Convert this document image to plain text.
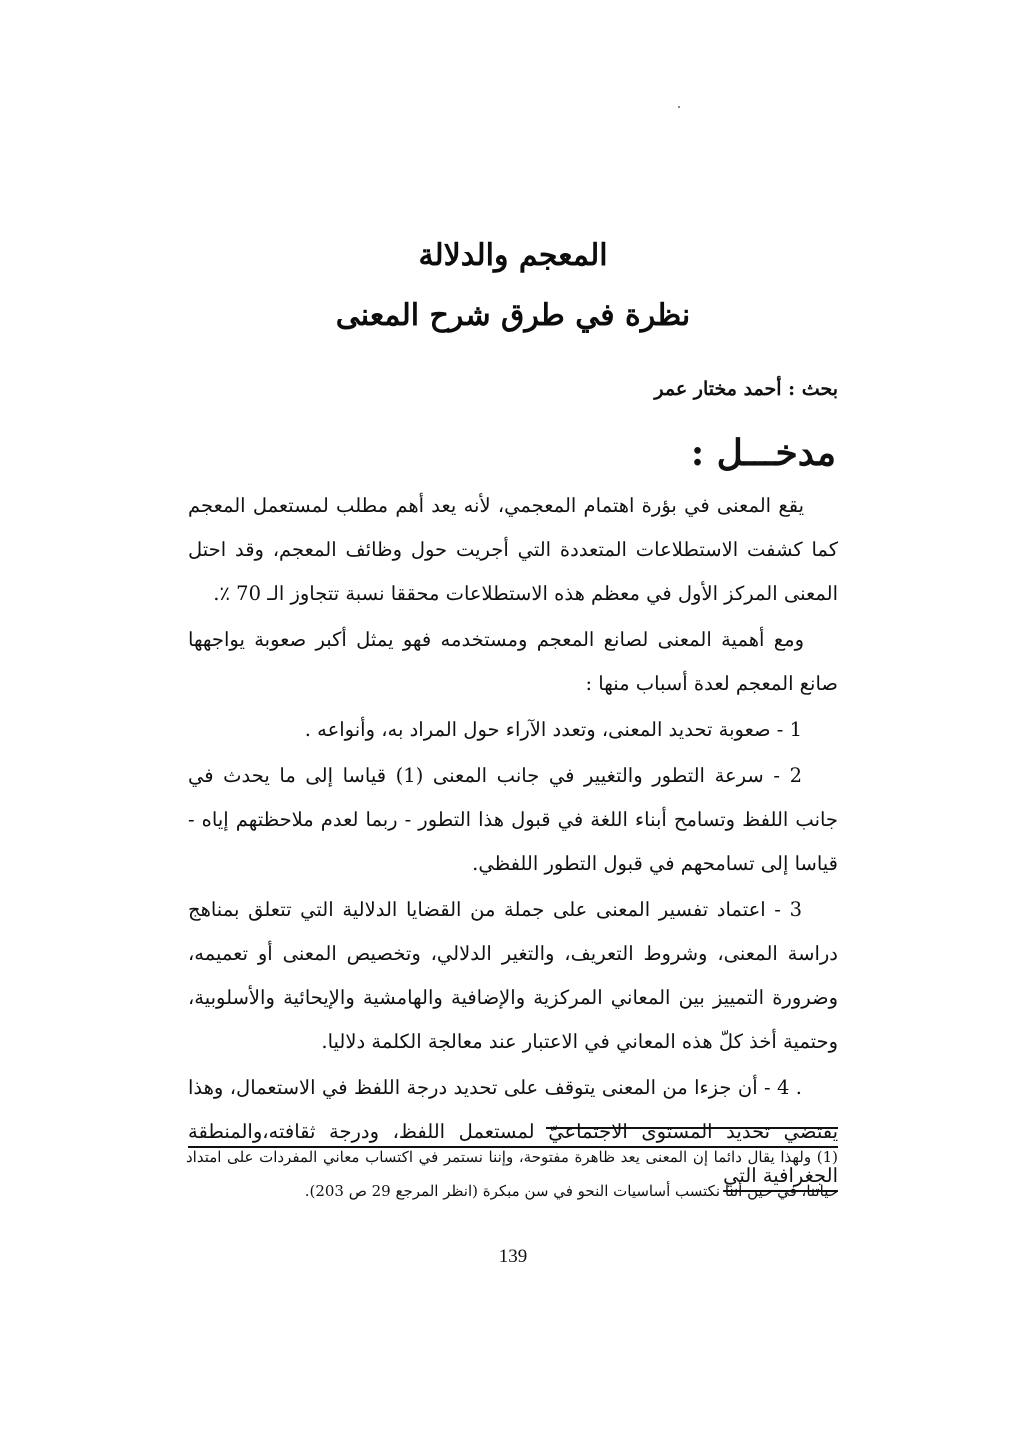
المعجم والدلالة
نظرة في طرق شرح المعنى
بحث : أحمد مختار عمر
مدخـــل :

يقع المعنى في بؤرة اهتمام المعجمي، لأنه يعد أهم مطلب لمستعمل المعجم كما كشفت الاستطلاعات المتعددة التي أجريت حول وظائف المعجم، وقد احتل المعنى المركز الأول في معظم هذه الاستطلاعات محققا نسبة تتجاوز الـ 70 ٪.

ومع أهمية المعنى لصانع المعجم ومستخدمه فهو يمثل أكبر صعوبة يواجهها صانع المعجم لعدة أسباب منها :

1 - صعوبة تحديد المعنى، وتعدد الآراء حول المراد به، وأنواعه .

2 - سرعة التطور والتغيير في جانب المعنى (1) قياسا إلى ما يحدث في جانب اللفظ وتسامح أبناء اللغة في قبول هذا التطور - ربما لعدم ملاحظتهم إياه - قياسا إلى تسامحهم في قبول التطور اللفظي.

3 - اعتماد تفسير المعنى على جملة من القضايا الدلالية التي تتعلق بمناهج دراسة المعنى، وشروط التعريف، والتغير الدلالي، وتخصيص المعنى أو تعميمه، وضرورة التمييز بين المعاني المركزية والإضافية والهامشية والإيحائية والأسلوبية، وحتمية أخذ كلّ هذه المعاني في الاعتبار عند معالجة الكلمة دلاليا.

. 4 - أن جزءا من المعنى يتوقف على تحديد درجة اللفظ في الاستعمال، وهذا يقتضي تحديد المستوى الاجتماعيّ لمستعمل اللفظ، ودرجة ثقافته،والمنطقة الجغرافية التي

(1) ولهذا يقال دائما إن المعنى يعد ظاهرة مفتوحة، وإننا نستمر في اكتساب معاني المفردات على امتداد حياتنا، في حين أننا نكتسب أساسيات النحو في سن مبكرة (انظر المرجع 29 ص 203).
139
